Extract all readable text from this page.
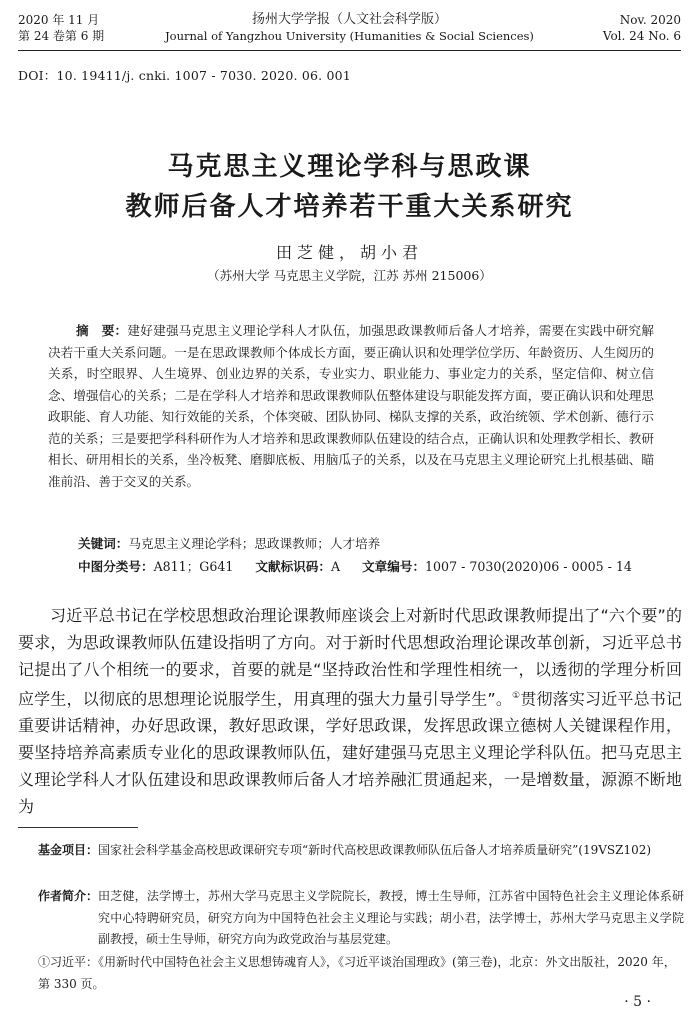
2020 年 11 月
第 24 卷第 6 期
扬州大学学报（人文社会科学版）
Journal of Yangzhou University (Humanities & Social Sciences)
Nov. 2020
Vol. 24 No. 6
DOI：10. 19411/j. cnki. 1007 - 7030. 2020. 06. 001
马克思主义理论学科与思政课
教师后备人才培养若干重大关系研究
田芝健，胡小君
（苏州大学 马克思主义学院，江苏 苏州 215006）
摘　要：建好建强马克思主义理论学科人才队伍，加强思政课教师后备人才培养，需要在实践中研究解决若干重大关系问题。一是在思政课教师个体成长方面，要正确认识和处理学位学历、年龄资历、人生阅历的关系，时空眼界、人生境界、创业边界的关系，专业实力、职业能力、事业定力的关系，坚定信仰、树立信念、增强信心的关系；二是在学科人才培养和思政课教师队伍整体建设与职能发挥方面，要正确认识和处理思政职能、育人功能、知行效能的关系，个体突破、团队协同、梯队支撑的关系，政治统领、学术创新、德行示范的关系；三是要把学科科研作为人才培养和思政课教师队伍建设的结合点，正确认识和处理教学相长、教研相长、研用相长的关系，坐冷板凳、磨脚底板、用脑瓜子的关系，以及在马克思主义理论研究上扎根基础、瞄准前沿、善于交叉的关系。
关键词：马克思主义理论学科；思政课教师；人才培养
中图分类号：A811；G641 文献标识码：A 文章编号：1007 - 7030(2020)06 - 0005 - 14
习近平总书记在学校思想政治理论课教师座谈会上对新时代思政课教师提出了“六个要”的要求，为思政课教师队伍建设指明了方向。对于新时代思想政治理论课改革创新，习近平总书记提出了八个相统一的要求，首要的就是“坚持政治性和学理性相统一，以透彻的学理分析回应学生，以彻底的思想理论说服学生，用真理的强大力量引导学生”。①贯彻落实习近平总书记重要讲话精神，办好思政课，教好思政课，学好思政课，发挥思政课立德树人关键课程作用，要坚持培养高素质专业化的思政课教师队伍，建好建强马克思主义理论学科队伍。把马克思主义理论学科人才队伍建设和思政课教师后备人才培养融汇贯通起来，一是增数量，源源不断地为
基金项目： 国家社会科学基金高校思政课研究专项“新时代高校思政课教师队伍后备人才培养质量研究”(19VSZ102)
作者简介： 田芝健，法学博士，苏州大学马克思主义学院院长，教授，博士生导师，江苏省中国特色社会主义理论体系研究中心特聘研究员，研究方向为中国特色社会主义理论与实践；胡小君，法学博士，苏州大学马克思主义学院副教授，硕士生导师，研究方向为政党政治与基层党建。
①习近平：《用新时代中国特色社会主义思想铸魂育人》，《习近平谈治国理政》(第三卷)，北京：外文出版社，2020 年，第 330 页。
· 5 ·
